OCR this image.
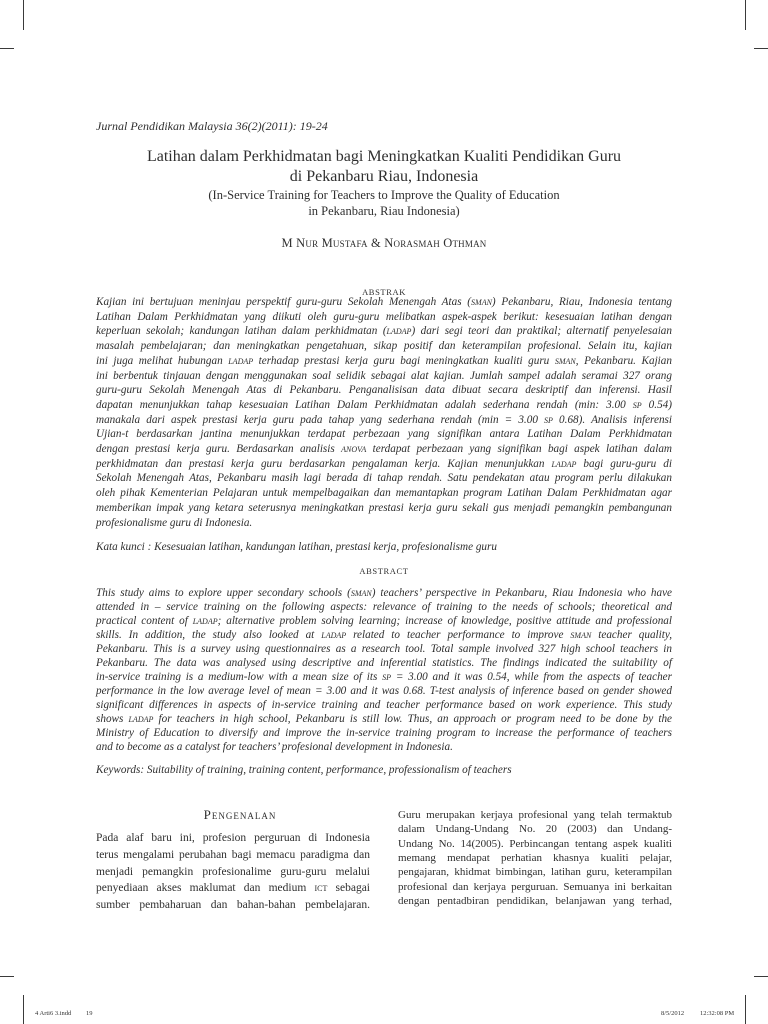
Jurnal Pendidikan Malaysia 36(2)(2011): 19-24
Latihan dalam Perkhidmatan bagi Meningkatkan Kualiti Pendidikan Guru
di Pekanbaru Riau, Indonesia
(In-Service Training for Teachers to Improve the Quality of Education
in Pekanbaru, Riau Indonesia)
M Nur Mustafa & Norasmah Othman
ABSTRAK
Kajian ini bertujuan meninjau perspektif guru-guru Sekolah Menengah Atas (sman) Pekanbaru, Riau, Indonesia tentang
Latihan Dalam Perkhidmatan yang diikuti oleh guru-guru melibatkan aspek-aspek berikut: kesesuaian latihan dengan
keperluan sekolah; kandungan latihan dalam perkhidmatan (ladap) dari segi teori dan praktikal; alternatif penyelesaian
masalah pembelajaran; dan meningkatkan pengetahuan, sikap positif dan keterampilan profesional. Selain itu, kajian
ini juga melihat hubungan ladap terhadap prestasi kerja guru bagi meningkatkan kualiti guru sman, Pekanbaru. Kajian
ini berbentuk tinjauan dengan menggunakan soal selidik sebagai alat kajian. Jumlah sampel adalah seramai 327 orang
guru-guru Sekolah Menengah Atas di Pekanbaru. Penganalisisan data dibuat secara deskriptif dan inferensi. Hasil
dapatan menunjukkan tahap kesesuaian Latihan Dalam Perkhidmatan adalah sederhana rendah (min: 3.00 sp 0.54)
manakala dari aspek prestasi kerja guru pada tahap yang sederhana rendah (min = 3.00 sp 0.68). Analisis inferensi
Ujian-t berdasarkan jantina menunjukkan terdapat perbezaan yang signifikan antara Latihan Dalam Perkhidmatan
dengan prestasi kerja guru. Berdasarkan analisis anova terdapat perbezaan yang signifikan bagi aspek latihan dalam
perkhidmatan dan prestasi kerja guru berdasarkan pengalaman kerja. Kajian menunjukkan ladap bagi guru-guru di
Sekolah Menengah Atas, Pekanbaru masih lagi berada di tahap rendah. Satu pendekatan atau program perlu dilakukan
oleh pihak Kementerian Pelajaran untuk mempelbagaikan dan memantapkan program Latihan Dalam Perkhidmatan agar
memberikan impak yang ketara seterusnya meningkatkan prestasi kerja guru sekali gus menjadi pemangkin pembangunan
profesionalisme guru di Indonesia.
Kata kunci : Kesesuaian latihan, kandungan latihan, prestasi kerja, profesionalisme guru
ABSTRACT
This study aims to explore upper secondary schools (sman) teachers’ perspective in Pekanbaru, Riau Indonesia who have
attended in – service training on the following aspects: relevance of training to the needs of schools; theoretical and
practical content of ladap; alternative problem solving learning; increase of knowledge, positive attitude and professional
skills. In addition, the study also looked at ladap related to teacher performance to improve sman teacher quality,
Pekanbaru. This is a survey using questionnaires as a research tool. Total sample involved 327 high school teachers in
Pekanbaru. The data was analysed using descriptive and inferential statistics. The findings indicated the suitability of
in-service training is a medium-low with a mean size of its sp = 3.00 and it was 0.54, while from the aspects of teacher
performance in the low average level of mean = 3.00 and it was 0.68. T-test analysis of inference based on gender showed
significant differences in aspects of in-service training and teacher performance based on work experience. This study
shows ladap for teachers in high school, Pekanbaru is still low. Thus, an approach or program need to be done by the
Ministry of Education to diversify and improve the in-service training program to increase the performance of teachers
and to become as a catalyst for teachers’ profesional development in Indonesia.
Keywords: Suitability of training, training content, performance, professionalism of teachers
Pengenalan
Pada alaf baru ini, profesion perguruan di Indonesia
terus mengalami perubahan bagi memacu paradigma dan
menjadi pemangkin profesionalime guru-guru melalui
penyediaan akses maklumat dan medium ict sebagai
sumber pembaharuan dan bahan-bahan pembelajaran.
Guru merupakan kerjaya profesional yang telah termaktub
dalam Undang-Undang No. 20 (2003) dan Undang-
Undang No. 14(2005). Perbincangan tentang aspek kualiti
memang mendapat perhatian khasnya kualiti pelajar,
pengajaran, khidmat bimbingan, latihan guru, keterampilan
profesional dan kerjaya perguruan. Semuanya ini berkaitan
dengan pentadbiran pendidikan, belanjawan yang terhad,
4 Arti6 3.indd 19	8/5/2012 12:32:08 PM
